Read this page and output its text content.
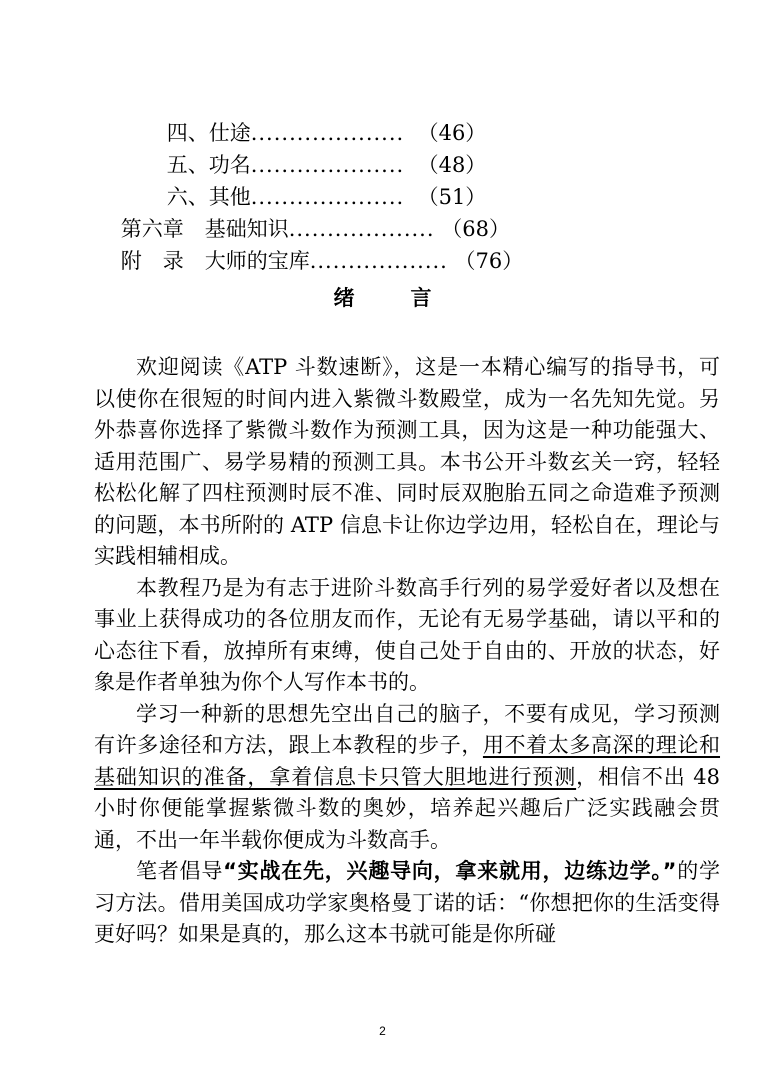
四、仕途.................... （46）

五、功名.................... （48）

六、其他.................... （51）

第六章　基础知识................... （68）

附　录　大师的宝库.................. （76）

绪	言

欢迎阅读《ATP 斗数速断》，这是一本精心编写的指导书，可以使你在很短的时间内进入紫微斗数殿堂，成为一名先知先觉。另外恭喜你选择了紫微斗数作为预测工具，因为这是一种功能强大、适用范围广、易学易精的预测工具。本书公开斗数玄关一窍，轻轻松松化解了四柱预测时辰不准、同时辰双胞胎五同之命造难予预测的问题，本书所附的 ATP 信息卡让你边学边用，轻松自在，理论与实践相辅相成。

本教程乃是为有志于进阶斗数高手行列的易学爱好者以及想在事业上获得成功的各位朋友而作，无论有无易学基础，请以平和的心态往下看，放掉所有束缚，使自己处于自由的、开放的状态，好象是作者单独为你个人写作本书的。

学习一种新的思想先空出自己的脑子，不要有成见，学习预测有许多途径和方法，跟上本教程的步子，用不着太多高深的理论和基础知识的准备，拿着信息卡只管大胆地进行预测，相信不出 48 小时你便能掌握紫微斗数的奥妙，培养起兴趣后广泛实践融会贯通，不出一年半载你便成为斗数高手。

笔者倡导“实战在先，兴趣导向，拿来就用，边练边学。”的学习方法。借用美国成功学家奥格曼丁诺的话：“你想把你的生活变得更好吗？如果是真的，那么这本书就可能是你所碰

2
